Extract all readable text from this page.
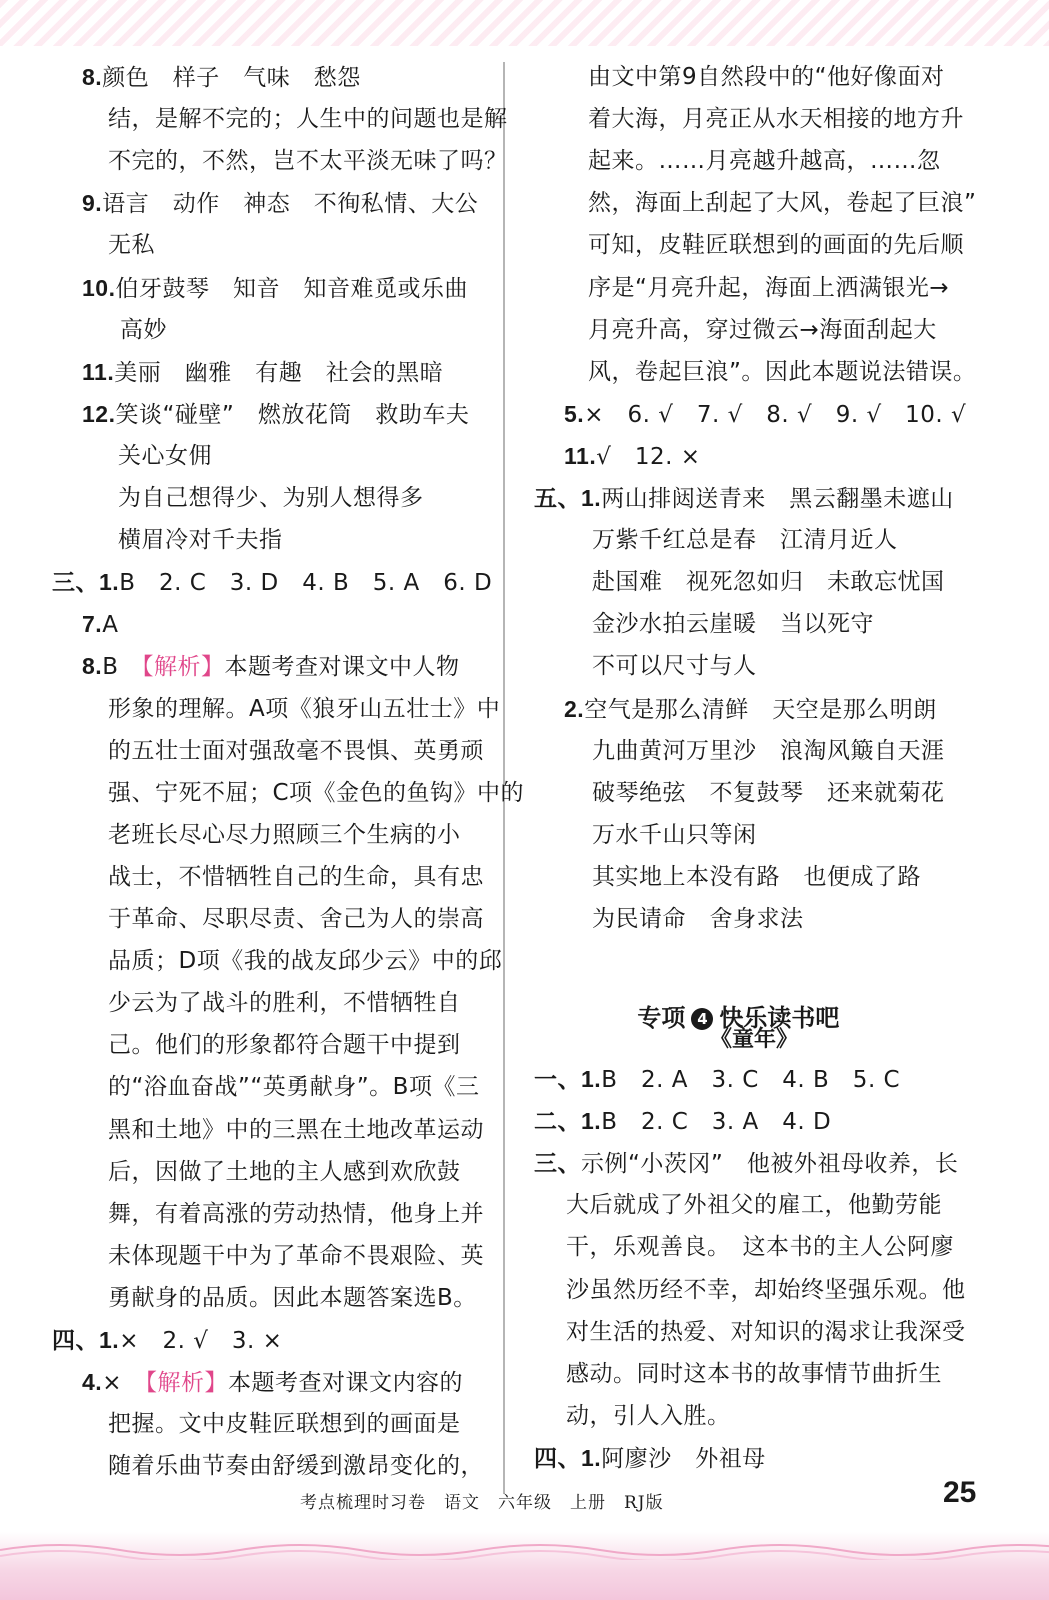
8.颜色　样子　气味　愁怨
结，是解不完的；人生中的问题也是解
不完的，不然，岂不太平淡无味了吗？
9.语言　动作　神态　不徇私情、大公
无私
10.伯牙鼓琴　知音　知音难觅或乐曲
高妙
11.美丽　幽雅　有趣　社会的黑暗
12.笑谈“碰壁”　燃放花筒　救助车夫
关心女佣
为自己想得少、为别人想得多
横眉冷对千夫指
三、1.B　2. C　3. D　4. B　5. A　6. D
7.A
8.B　【解析】本题考查对课文中人物
形象的理解。A项《狼牙山五壮士》中
的五壮士面对强敌毫不畏惧、英勇顽
强、宁死不屈；C项《金色的鱼钩》中的
老班长尽心尽力照顾三个生病的小
战士，不惜牺牲自己的生命，具有忠
于革命、尽职尽责、舍己为人的崇高
品质；D项《我的战友邱少云》中的邱
少云为了战斗的胜利，不惜牺牲自
己。他们的形象都符合题干中提到
的“浴血奋战”“英勇献身”。B项《三
黑和土地》中的三黑在土地改革运动
后，因做了土地的主人感到欢欣鼓
舞，有着高涨的劳动热情，他身上并
未体现题干中为了革命不畏艰险、英
勇献身的品质。因此本题答案选B。
四、1.×　2. √　3. ×
4.×　【解析】本题考查对课文内容的
把握。文中皮鞋匠联想到的画面是
随着乐曲节奏由舒缓到激昂变化的，

专项 4 快乐读书吧

《童年》
由文中第9自然段中的“他好像面对
着大海，月亮正从水天相接的地方升
起来。……月亮越升越高，……忽
然，海面上刮起了大风，卷起了巨浪”
可知，皮鞋匠联想到的画面的先后顺
序是“月亮升起，海面上洒满银光→
月亮升高，穿过微云→海面刮起大
风，卷起巨浪”。因此本题说法错误。
5.×　6. √　7. √　8. √　9. √　10. √
11.√　12. ×
五、1.两山排闼送青来　黑云翻墨未遮山
万紫千红总是春　江清月近人
赴国难　视死忽如归　未敢忘忧国
金沙水拍云崖暖　当以死守
不可以尺寸与人
2.空气是那么清鲜　天空是那么明朗
九曲黄河万里沙　浪淘风簸自天涯
破琴绝弦　不复鼓琴　还来就菊花
万水千山只等闲
其实地上本没有路　也便成了路
为民请命　舍身求法
一、1.B　2. A　3. C　4. B　5. C
二、1.B　2. C　3. A　4. D
三、示例“小茨冈”　他被外祖母收养，长
大后就成了外祖父的雇工，他勤劳能
干，乐观善良。　这本书的主人公阿廖
沙虽然历经不幸，却始终坚强乐观。他
对生活的热爱、对知识的渴求让我深受
感动。同时这本书的故事情节曲折生
动，引人入胜。
四、1.阿廖沙　外祖母
考点梳理时习卷　语文　六年级　上册　RJ版	25
